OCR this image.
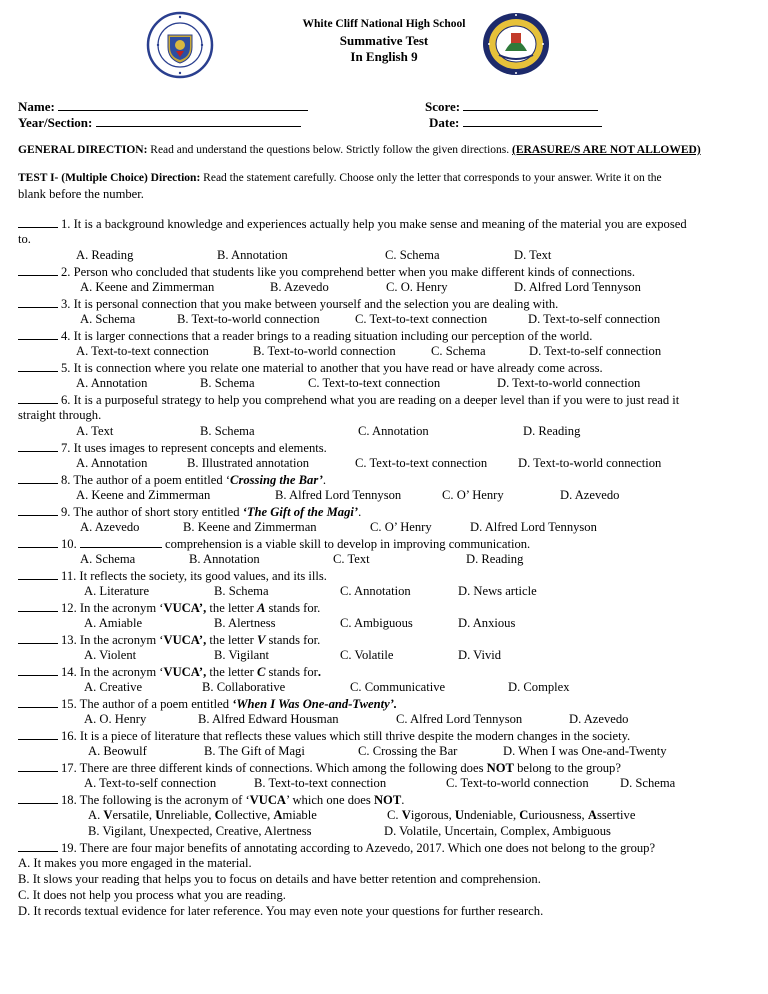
White Cliff National High School
Summative Test
In English 9
Name:
Year/Section:
Score:
Date:
GENERAL DIRECTION: Read and understand the questions below. Strictly follow the given directions. (ERASURE/S ARE NOT ALLOWED)
TEST I- (Multiple Choice) Direction: Read the statement carefully. Choose only the letter that corresponds to your answer. Write it on the
blank before the number.
1. It is a background knowledge and experiences actually help you make sense and meaning of the material you are exposed
to.
A. Reading	B. Annotation	C. Schema	D. Text
2. Person who concluded that students like you comprehend better when you make different kinds of connections.
A. Keene and Zimmerman	B. Azevedo	C. O. Henry	D. Alfred Lord Tennyson
3. It is personal connection that you make between yourself and the selection you are dealing with.
A. Schema	B. Text-to-world connection	C. Text-to-text connection	D. Text-to-self connection
4. It is larger connections that a reader brings to a reading situation including our perception of the world.
A. Text-to-text connection	B. Text-to-world connection	C. Schema	D. Text-to-self connection
5. It is connection where you relate one material to another that you have read or have already come across.
A. Annotation	B. Schema	C. Text-to-text connection	D. Text-to-world connection
6. It is a purposeful strategy to help you comprehend what you are reading on a deeper level than if you were to just read it
straight through.
A. Text	B. Schema	C. Annotation	D. Reading
7. It uses images to represent concepts and elements.
A. Annotation	B. Illustrated annotation	C. Text-to-text connection D. Text-to-world connection
8. The author of a poem entitled ‘Crossing the Bar’.
A. Keene and Zimmerman	B. Alfred Lord Tennyson	C. O’ Henry	D. Azevedo
9. The author of short story entitled ‘The Gift of the Magi’.
A. Azevedo	B. Keene and Zimmerman	C. O’ Henry	D. Alfred Lord Tennyson
10.	comprehension is a viable skill to develop in improving communication.
A. Schema	B. Annotation	C. Text	D. Reading
11. It reflects the society, its good values, and its ills.
A. Literature	B. Schema	C. Annotation	D. News article
12. In the acronym ‘VUCA’, the letter A stands for.
A. Amiable	B. Alertness	C. Ambiguous	D. Anxious
13. In the acronym ‘VUCA’, the letter V stands for.
A. Violent	B. Vigilant	C. Volatile	D. Vivid
14. In the acronym ‘VUCA’, the letter C stands for.
A. Creative	B. Collaborative	C. Communicative	D. Complex
15. The author of a poem entitled ‘When I Was One-and-Twenty’.
A. O. Henry	B. Alfred Edward Housman	C. Alfred Lord Tennyson	D. Azevedo
16. It is a piece of literature that reflects these values which still thrive despite the modern changes in the society.
A. Beowulf	B. The Gift of Magi	C. Crossing the Bar	D. When I was One-and-Twenty
17. There are three different kinds of connections. Which among the following does NOT belong to the group?
A. Text-to-self connection	B. Text-to-text connection	C. Text-to-world connection D. Schema
18. The following is the acronym of ‘VUCA’ which one does NOT.
A. Versatile, Unreliable, Collective, Amiable	C. Vigorous, Undeniable, Curiousness, Assertive
B. Vigilant, Unexpected, Creative, Alertness	D. Volatile, Uncertain, Complex, Ambiguous
19. There are four major benefits of annotating according to Azevedo, 2017. Which one does not belong to the group?
A. It makes you more engaged in the material.
B. It slows your reading that helps you to focus on details and have better retention and comprehension.
C. It does not help you process what you are reading.
D. It records textual evidence for later reference. You may even note your questions for further research.
